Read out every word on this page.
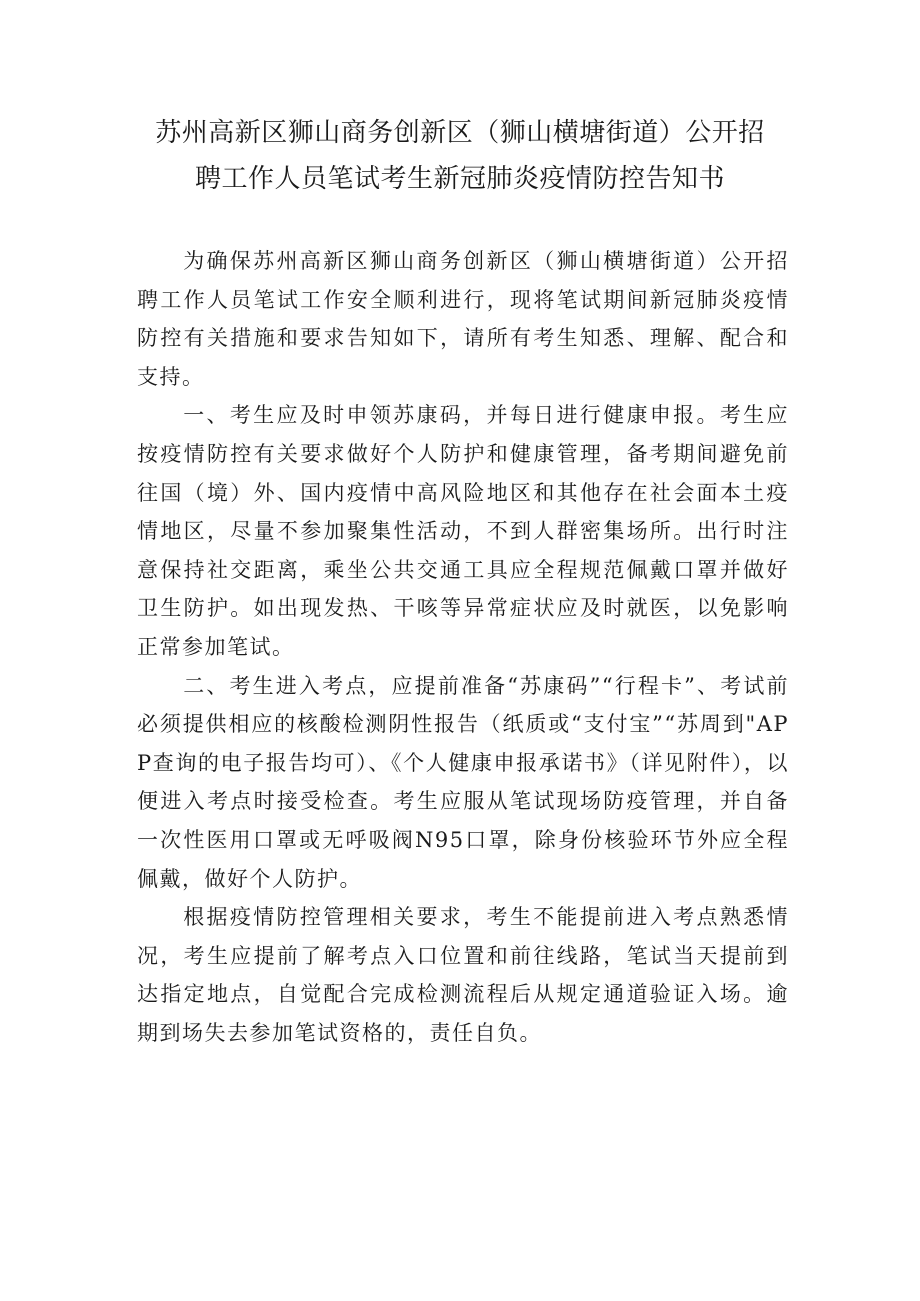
苏州高新区狮山商务创新区（狮山横塘街道）公开招
聘工作人员笔试考生新冠肺炎疫情防控告知书

为确保苏州高新区狮山商务创新区（狮山横塘街道）公开招聘工作人员笔试工作安全顺利进行，现将笔试期间新冠肺炎疫情防控有关措施和要求告知如下，请所有考生知悉、理解、配合和支持。

一、考生应及时申领苏康码，并每日进行健康申报。考生应按疫情防控有关要求做好个人防护和健康管理，备考期间避免前往国（境）外、国内疫情中高风险地区和其他存在社会面本土疫情地区，尽量不参加聚集性活动，不到人群密集场所。出行时注意保持社交距离，乘坐公共交通工具应全程规范佩戴口罩并做好卫生防护。如出现发热、干咳等异常症状应及时就医，以免影响正常参加笔试。

二、考生进入考点，应提前准备“苏康码”“行程卡”、考试前必须提供相应的核酸检测阴性报告（纸质或“支付宝”“苏周到"APP查询的电子报告均可）、《个人健康申报承诺书》（详见附件），以便进入考点时接受检查。考生应服从笔试现场防疫管理，并自备一次性医用口罩或无呼吸阀N95口罩，除身份核验环节外应全程佩戴，做好个人防护。

根据疫情防控管理相关要求，考生不能提前进入考点熟悉情况，考生应提前了解考点入口位置和前往线路，笔试当天提前到达指定地点，自觉配合完成检测流程后从规定通道验证入场。逾期到场失去参加笔试资格的，责任自负。
